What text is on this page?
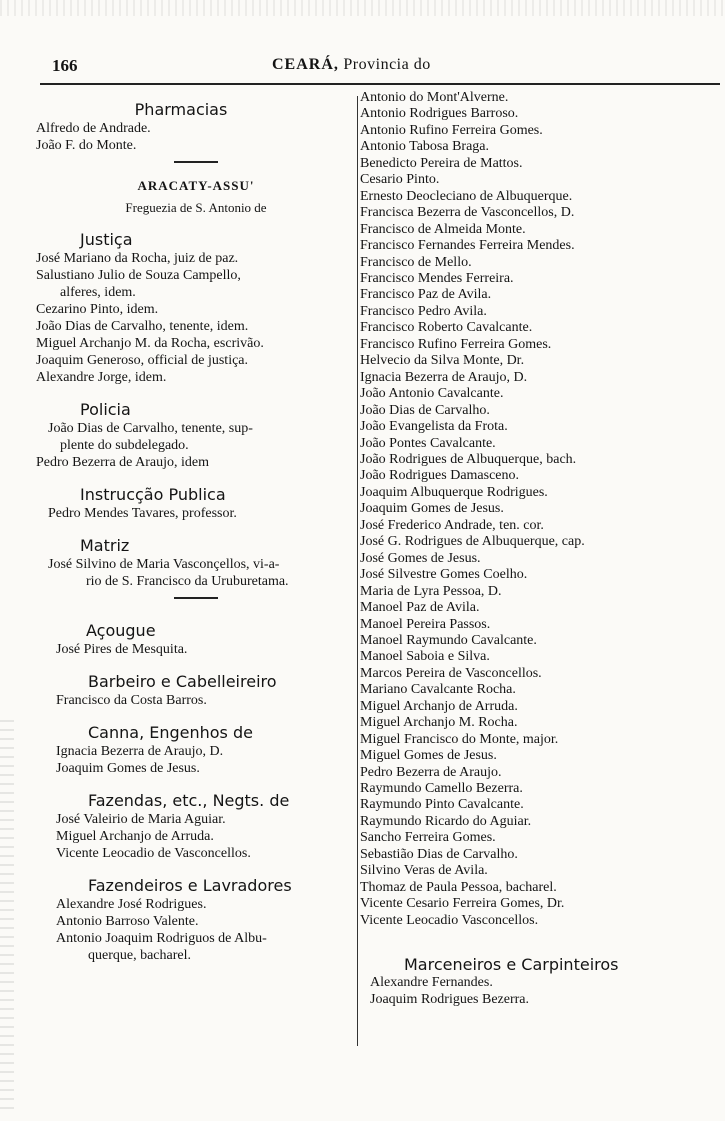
166	CEARÁ, Provincia do
Pharmacias
Alfredo de Andrade.
João F. do Monte.
ARACATY-ASSU'
Freguezia de S. Antonio de
Justiça
José Mariano da Rocha, juiz de paz.
Salustiano Julio de Souza Campello,
alferes, idem.
Cezarino Pinto, idem.
João Dias de Carvalho, tenente, idem.
Miguel Archanjo M. da Rocha, escrivão.
Joaquim Generoso, official de justiça.
Alexandre Jorge, idem.
Policia
João Dias de Carvalho, tenente, sup-
plente do subdelegado.
Pedro Bezerra de Araujo, idem
Instrucção Publica
Pedro Mendes Tavares, professor.
Matriz
José Silvino de Maria Vasconçellos, vi-a-
rio de S. Francisco da Uruburetama.
Açougue
José Pires de Mesquita.
Barbeiro e Cabelleireiro
Francisco da Costa Barros.
Canna, Engenhos de
Ignacia Bezerra de Araujo, D.
Joaquim Gomes de Jesus.
Fazendas, etc., Negts. de
José Valeirio de Maria Aguiar.
Miguel Archanjo de Arruda.
Vicente Leocadio de Vasconcellos.
Fazendeiros e Lavradores
Alexandre José Rodrigues.
Antonio Barroso Valente.
Antonio Joaquim Rodriguos de Albu-
querque, bacharel.
Antonio do Mont'Alverne.
Antonio Rodrigues Barroso.
Antonio Rufino Ferreira Gomes.
Antonio Tabosa Braga.
Benedicto Pereira de Mattos.
Cesario Pinto.
Ernesto Deocleciano de Albuquerque.
Francisca Bezerra de Vasconcellos, D.
Francisco de Almeida Monte.
Francisco Fernandes Ferreira Mendes.
Francisco de Mello.
Francisco Mendes Ferreira.
Francisco Paz de Avila.
Francisco Pedro Avila.
Francisco Roberto Cavalcante.
Francisco Rufino Ferreira Gomes.
Helvecio da Silva Monte, Dr.
Ignacia Bezerra de Araujo, D.
João Antonio Cavalcante.
João Dias de Carvalho.
João Evangelista da Frota.
João Pontes Cavalcante.
João Rodrigues de Albuquerque, bach.
João Rodrigues Damasceno.
Joaquim Albuquerque Rodrigues.
Joaquim Gomes de Jesus.
José Frederico Andrade, ten. cor.
José G. Rodrigues de Albuquerque, cap.
José Gomes de Jesus.
José Silvestre Gomes Coelho.
Maria de Lyra Pessoa, D.
Manoel Paz de Avila.
Manoel Pereira Passos.
Manoel Raymundo Cavalcante.
Manoel Saboia e Silva.
Marcos Pereira de Vasconcellos.
Mariano Cavalcante Rocha.
Miguel Archanjo de Arruda.
Miguel Archanjo M. Rocha.
Miguel Francisco do Monte, major.
Miguel Gomes de Jesus.
Pedro Bezerra de Araujo.
Raymundo Camello Bezerra.
Raymundo Pinto Cavalcante.
Raymundo Ricardo do Aguiar.
Sancho Ferreira Gomes.
Sebastião Dias de Carvalho.
Silvino Veras de Avila.
Thomaz de Paula Pessoa, bacharel.
Vicente Cesario Ferreira Gomes, Dr.
Vicente Leocadio Vasconcellos.
Marceneiros e Carpinteiros
Alexandre Fernandes.
Joaquim Rodrigues Bezerra.
